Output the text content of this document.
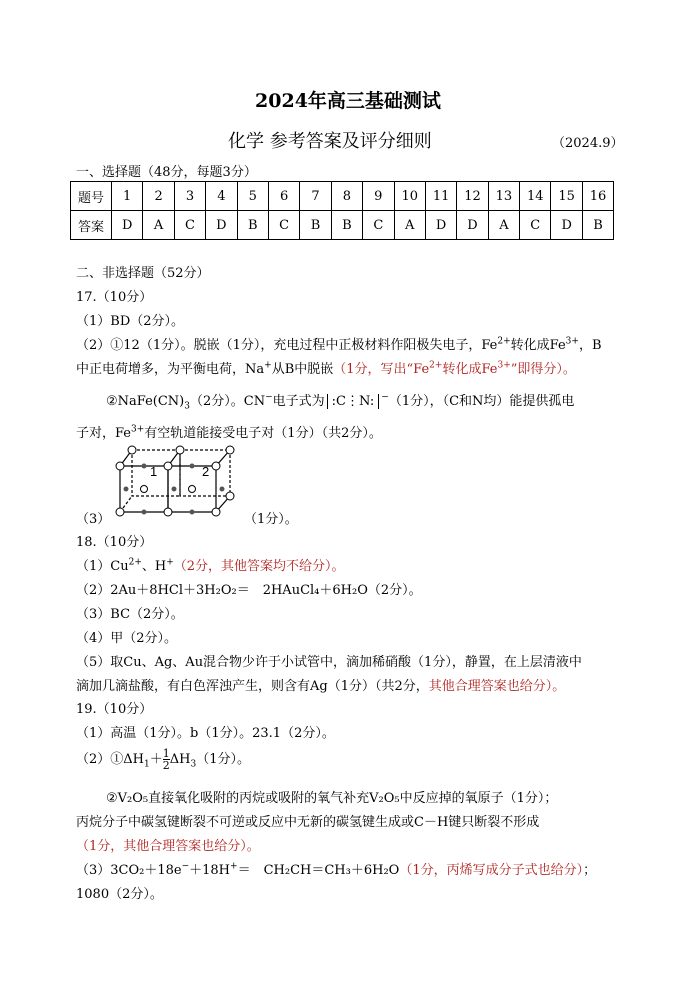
2024年高三基础测试
化学 参考答案及评分细则	（2024.9）
一、选择题（48分，每题3分）
题号	1	2	3	4	5	6	7	8	9	10	11	12	13	14	15	16
答案	D	A	C	D	B	C	B	B	C	A	D	D	A	C	D	B
二、非选择题（52分）
17.（10分）
（1）BD（2分）。
（2）①12（1分）。脱嵌（1分），充电过程中正极材料作阳极失电子，$Fe^{2+}$转化成$Fe^{3+}$，B
中正电荷增多，为平衡电荷，Na+从B中脱嵌（1分，写出“$Fe^{2+}$转化成$Fe^{3+}$”即得分）。
$②NaFe(CN)_3(2$分）。CN−电子式为 :C⋮N: −（1分），（C和N均）能提供孤电
子对，$Fe^{3+}$有空轨道能接受电子对（1分）（共2分）。
（3）
1	2
（1分）。
18.（10分）
$(1)Cu^{2+}$、H+（2分，其他答案均不给分）。
（2）2Au＋8HCl＋3H₂O₂＝　2HAuCl₄＋6H₂O（2分）。
（3）BC（2分）。
（4）甲（2分）。
（5）取Cu、Ag、Au混合物少许于小试管中，滴加稀硝酸（1分），静置，在上层清液中
滴加几滴盐酸，有白色浑浊产生，则含有Ag（1分）（共2分，其他合理答案也给分）。
19.（10分）
（1）高温（1分）。b（1分）。23.1（2分）。
$(2)①\Delta H_1+ \frac{1}{2} \Delta H_3(1$分）。
②V₂O₅直接氧化吸附的丙烷或吸附的氧气补充V₂O₅中反应掉的氧原子（1分）；
丙烷分子中碳氢键断裂不可逆或反应中无新的碳氢键生成或C－H键只断裂不形成
（1分，其他合理答案也给分）。
（3）3CO₂＋18e−＋18H+＝　CH₂CH＝CH₃＋6H₂O（1分，丙烯写成分子式也给分）；
1080（2分）。
